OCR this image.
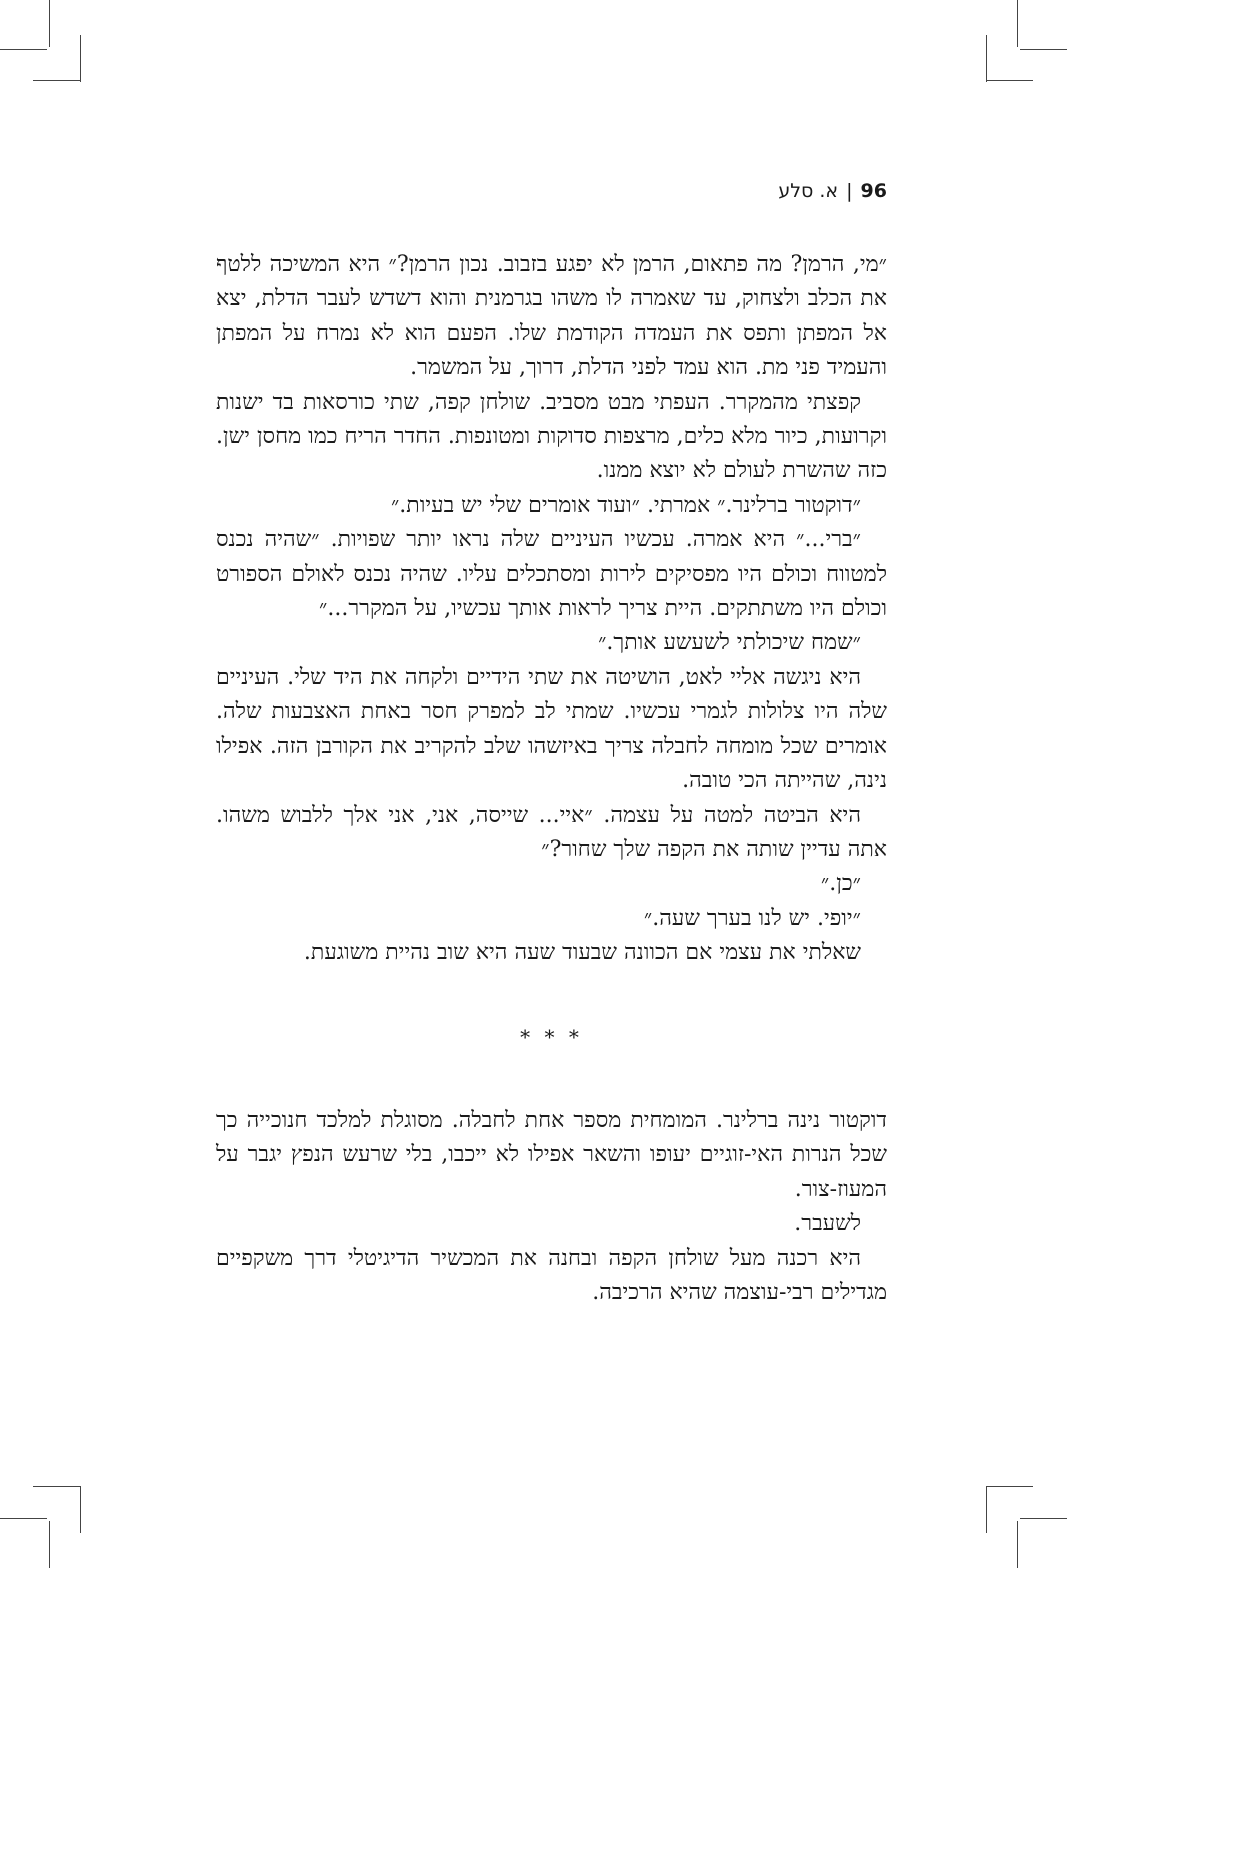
96|א. סלע

״מי, הרמן? מה פתאום, הרמן לא יפגע בזבוב. נכון הרמן?״ היא המשיכה ללטף את הכלב ולצחוק, עד שאמרה לו משהו בגרמנית והוא דשדש לעבר הדלת, יצא אל המפתן ותפס את העמדה הקודמת שלו. הפעם הוא לא נמרח על המפתן והעמיד פני מת. הוא עמד לפני הדלת, דרוך, על המשמר.

קפצתי מהמקרר. העפתי מבט מסביב. שולחן קפה, שתי כורסאות בד ישנות וקרועות, כיור מלא כלים, מרצפות סדוקות ומטונפות. החדר הריח כמו מחסן ישן. כזה שהשרת לעולם לא יוצא ממנו.

״דוקטור ברלינר.״ אמרתי. ״ועוד אומרים שלי יש בעיות.״

״ברי...״ היא אמרה. עכשיו העיניים שלה נראו יותר שפויות. ״שהיה נכנס למטווח וכולם היו מפסיקים לירות ומסתכלים עליו. שהיה נכנס לאולם הספורט וכולם היו משתתקים. היית צריך לראות אותך עכשיו, על המקרר...״

״שמח שיכולתי לשעשע אותך.״

היא ניגשה אליי לאט, הושיטה את שתי הידיים ולקחה את היד שלי. העיניים שלה היו צלולות לגמרי עכשיו. שמתי לב למפרק חסר באחת האצבעות שלה. אומרים שכל מומחה לחבלה צריך באיזשהו שלב להקריב את הקורבן הזה. אפילו נינה, שהייתה הכי טובה.

היא הביטה למטה על עצמה. ״איי... שייסה, אני, אני אלך ללבוש משהו. אתה עדיין שותה את הקפה שלך שחור?״

״כן.״

״יופי. יש לנו בערך שעה.״

שאלתי את עצמי אם הכוונה שבעוד שעה היא שוב נהיית משוגעת.

* * *

דוקטור נינה ברלינר. המומחית מספר אחת לחבלה. מסוגלת למלכד חנוכייה כך שכל הנרות האי-זוגיים יעופו והשאר אפילו לא ייכבו, בלי שרעש הנפץ יגבר על המעוז-צור.

לשעבר.

היא רכנה מעל שולחן הקפה ובחנה את המכשיר הדיגיטלי דרך משקפיים מגדילים רבי-עוצמה שהיא הרכיבה.
